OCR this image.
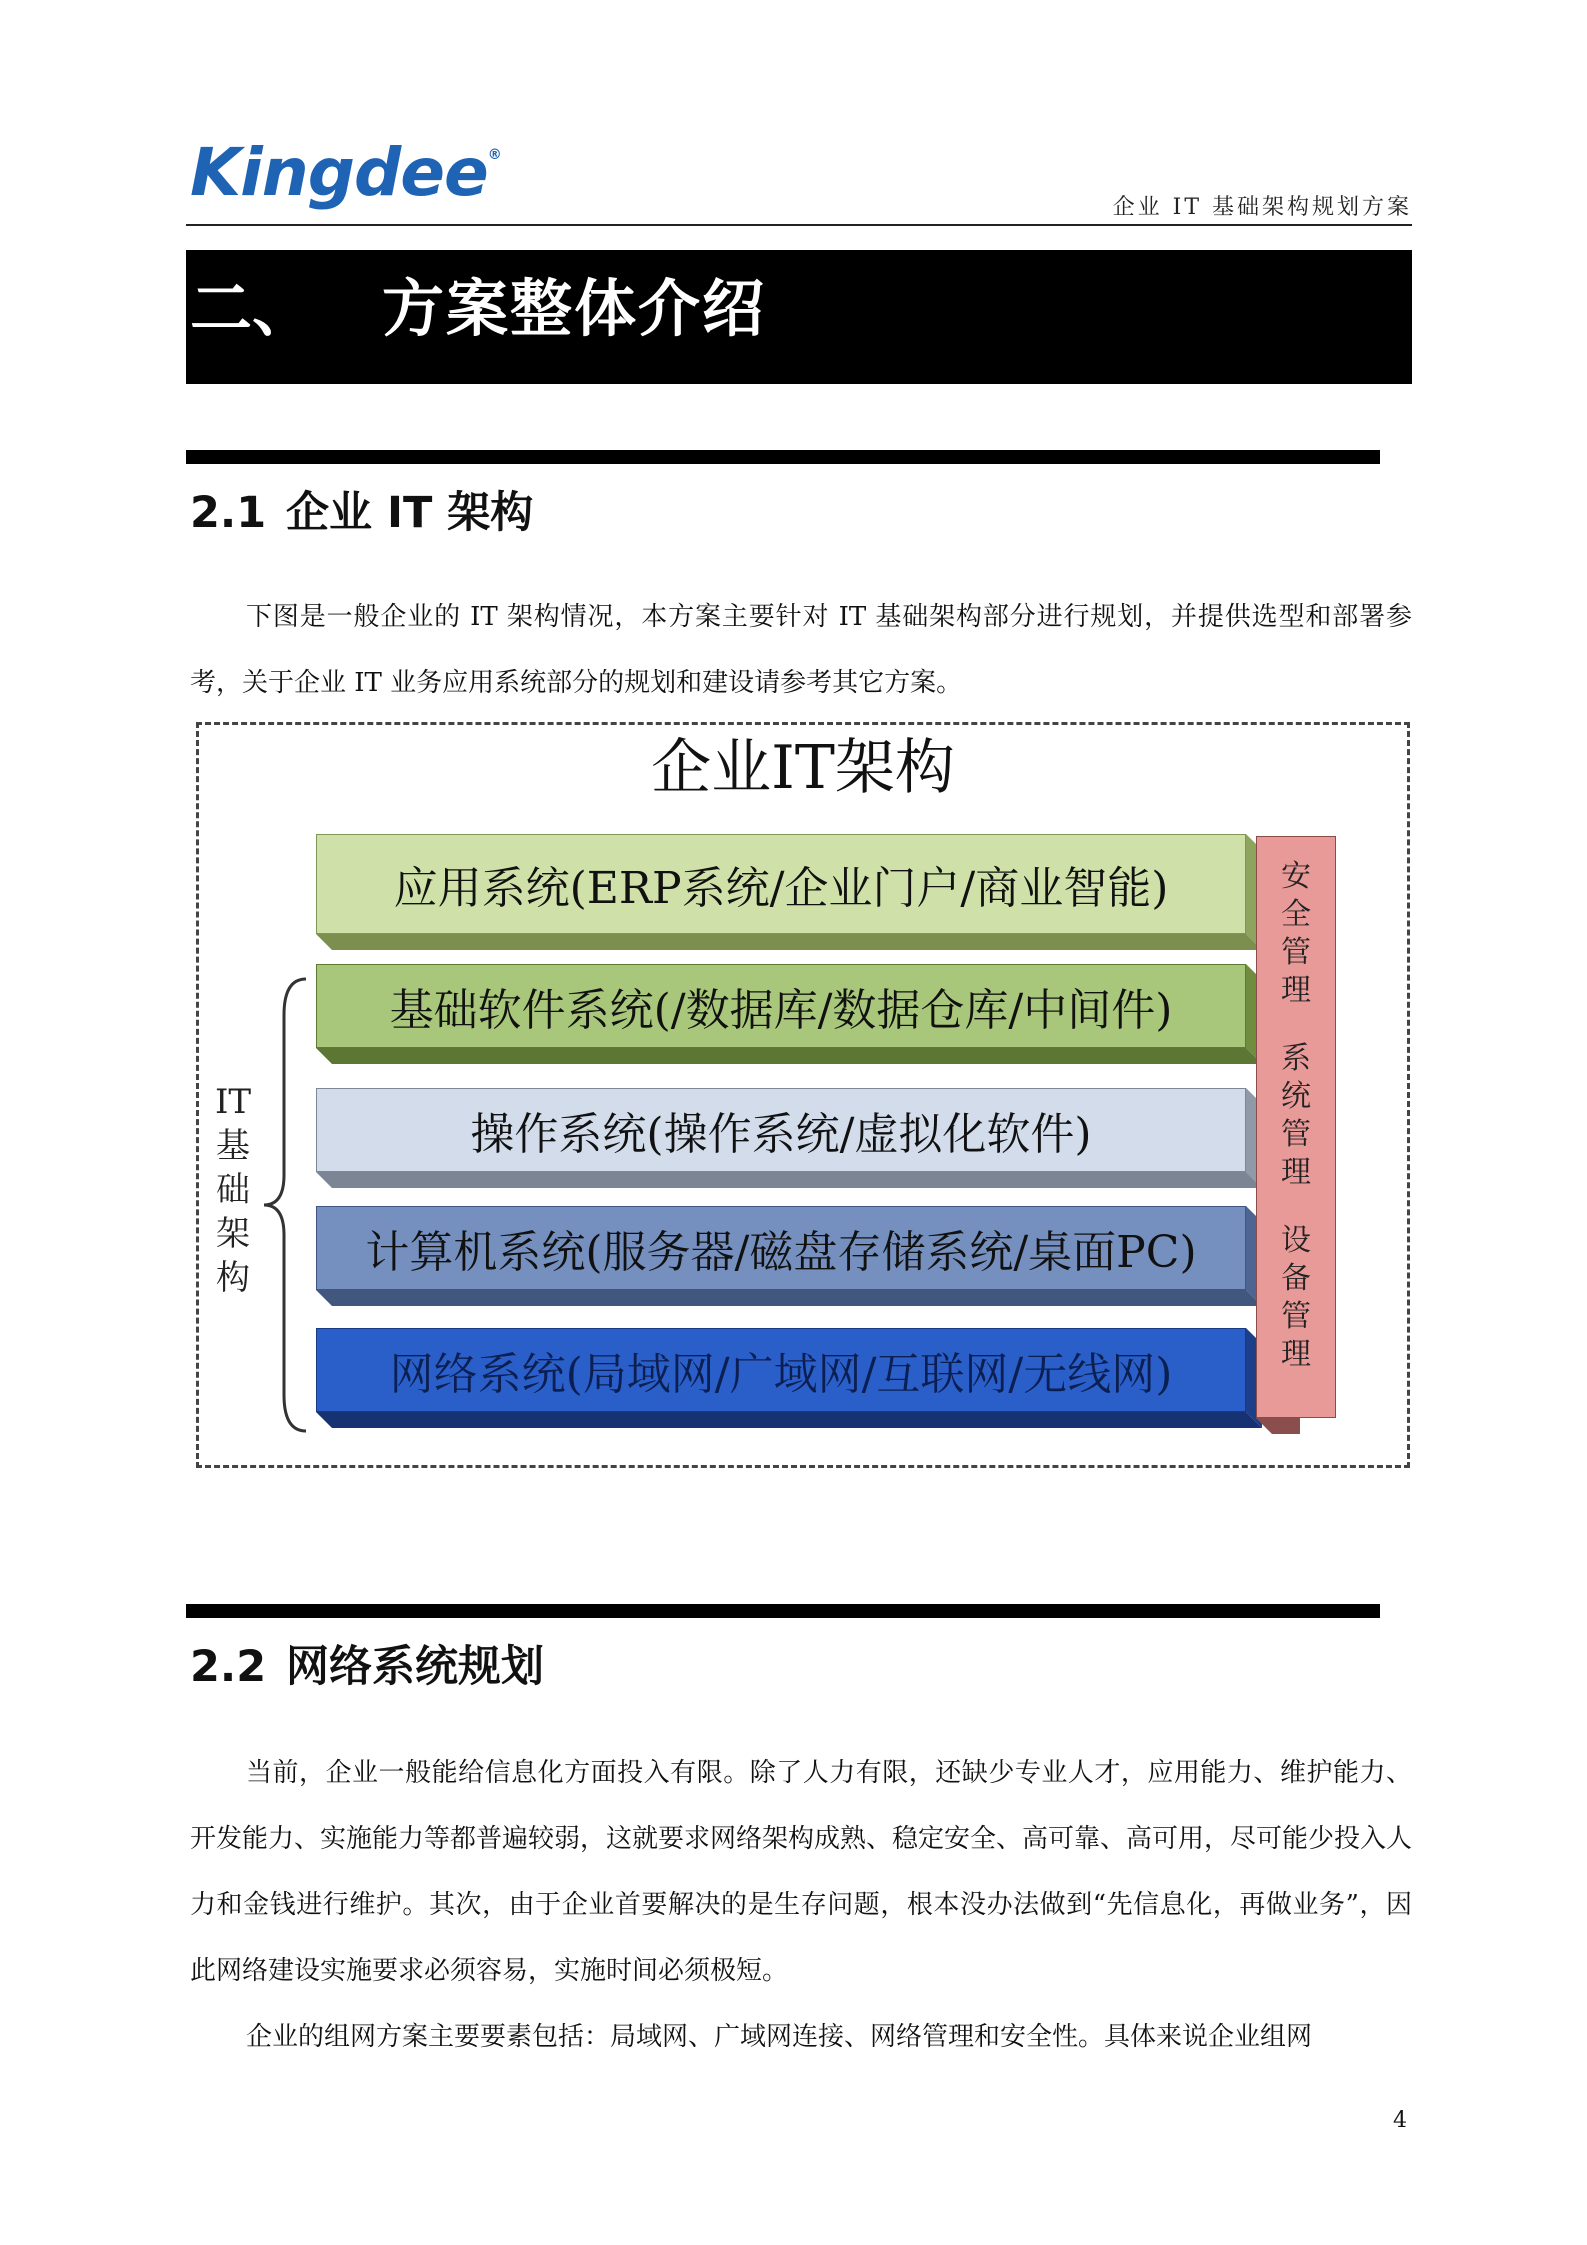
Kingdee®
企业 IT 基础架构规划方案
二、 方案整体介绍
2.1 企业 IT 架构

下图是一般企业的 IT 架构情况，本方案主要针对 IT 基础架构部分进行规划，并提供选型和部署参考，关于企业 IT 业务应用系统部分的规划和建设请参考其它方案。

企业IT架构
IT
基
础
架
构
应用系统(ERP系统/企业门户/商业智能)
基础软件系统(/数据库/数据仓库/中间件)
操作系统(操作系统/虚拟化软件)
计算机系统(服务器/磁盘存储系统/桌面PC)
网络系统(局域网/广域网/互联网/无线网)
安
全
管
理
系
统
管
理
设
备
管
理
2.2 网络系统规划

当前，企业一般能给信息化方面投入有限。除了人力有限，还缺少专业人才，应用能力、维护能力、开发能力、实施能力等都普遍较弱，这就要求网络架构成熟、稳定安全、高可靠、高可用，尽可能少投入人力和金钱进行维护。其次，由于企业首要解决的是生存问题，根本没办法做到“先信息化，再做业务”，因此网络建设实施要求必须容易，实施时间必须极短。

企业的组网方案主要要素包括：局域网、广域网连接、网络管理和安全性。具体来说企业组网

4
